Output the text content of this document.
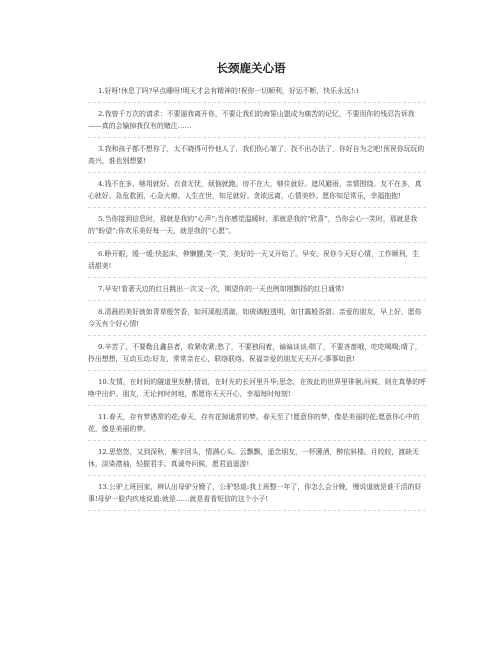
长颈鹿关心语

1.好呀!休息了吗?早点睡呀!明天才会有精神的!祝你一切顺利，好运不断，快乐永远!:)

2.我曾千万次的请求：不要逼我离开你，不要让我们的海誓山盟成为痛苦的记忆，不要用你的残忍告诉我——真的会输掉我仅有的赌注……

3.我和孩子都不想你了，太不晓得可怜他人了，我们伤心皱了，找不出办法了，你好自为之吧!预祝你玩玩的高兴，谁也别想要!

4.钱不在多，够用就好。衣食无忧，烦恼就跑。房不在大，够住就好。遮风避雨，亲情围绕。友不在多，真心就好。急危救困，心急火燎。人生在世，知足就好。贪欲远离，心情美妙。愿你知足常乐，幸福抱抱!

5.当你接到信息时，那就是我的“心声”;当你感觉温暖时，那就是我的“欣喜”，当你会心一笑时，那就是我的“盼望”;你欢乐美好每一天，就是我的“心愿”。

6.睁开眼，缓一缓;快起床，伸懒腰;笑一笑，美好的一天又开始了。早安，祝你今天好心情，工作顺利，生活甜美!

7.早安!看著天边的红日跳出一次又一次，期望你的一天也例如刚飘扬的红日通常!

8.清晨的美好就如青草般芳香，如河溪般清澈，如玻璃般透明，如甘露般香甜。亲爱的朋友，早上好，愿你今天有个好心情!

9.辛苦了，不要勒且鑫县者，收紧收紧;愁了，不要独闷着，谝谝谈谈;喘了，不要吝啬哦，吃吃喝喝;晴了，拎出想想，互动互动;好友，常常亲在心，联络联络。祝福亲爱的朋友天天开心事事如意!

10.友情，在时间的隧道里发酵;情谊，在时光的长河里升华;思念，在彼此的世界里徘徊;问候，则在真挚的呼唤中出炉。朋友，无论何时何地，都愿你天天开心，幸福每时每刻!

11.春天，存有梦遇常的花;春天，存有花掉通常的梦。春天至了!愿意你的梦，像是美丽的花;愿意你心中的花，像是美丽的梦。

12.思悠悠，又到深秋，雁字回头，情满心头。云飘飘，遥念朋友，一杯薄酒，醉依斜楼。月皎皎，渡缺无休，淡染襟袖，轻握君手。真诚夸问候，愿君逍遥游!

13.公驴上班回家，辨认出母驴分娩了，公驴怒道:我上班整一年了，你怎么会分娩，慢说道就是谁干活的好事!母驴一脸内疚地说道:就是……就是看看短信的这个小子!
